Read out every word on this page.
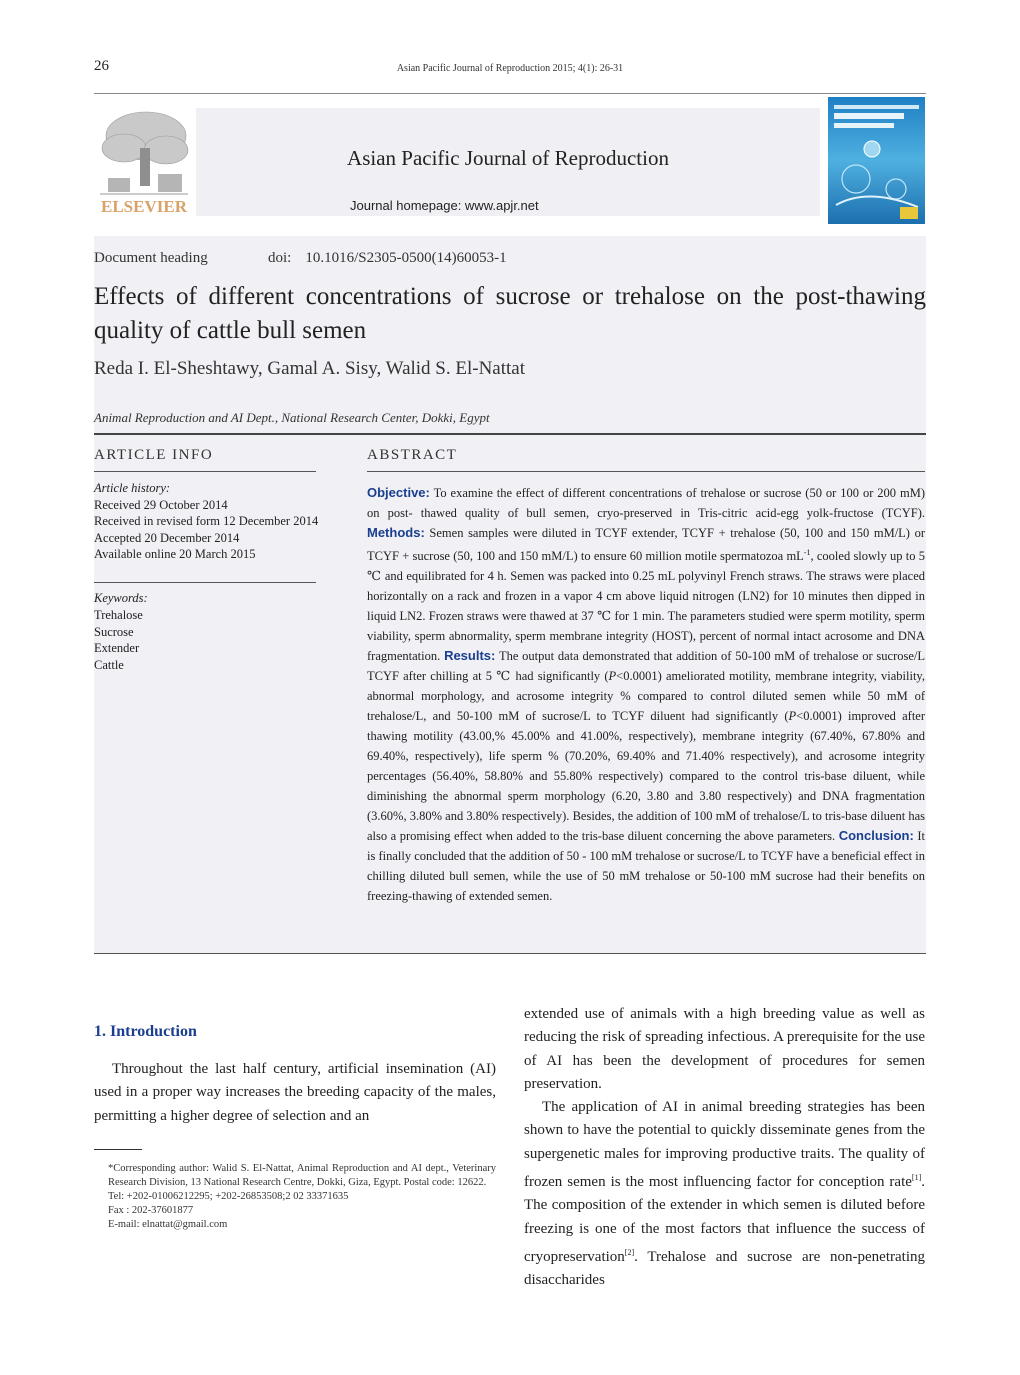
26	Asian Pacific Journal of Reproduction 2015; 4(1): 26-31
ELSEVIER
Asian Pacific Journal of Reproduction
Journal homepage: www.apjr.net
Document heading	doi: 10.1016/S2305-0500(14)60053-1
Effects of different concentrations of sucrose or trehalose on the post-thawing quality of cattle bull semen
Reda I. El-Sheshtawy, Gamal A. Sisy, Walid S. El-Nattat
Animal Reproduction and AI Dept., National Research Center, Dokki, Egypt
ARTICLE INFO
Article history:
Received 29 October 2014
Received in revised form 12 December 2014
Accepted 20 December 2014
Available online 20 March 2015
Keywords:
Trehalose
Sucrose
Extender
Cattle
ABSTRACT
Objective: To examine the effect of different concentrations of trehalose or sucrose (50 or 100 or 200 mM) on post- thawed quality of bull semen, cryo-preserved in Tris-citric acid-egg yolk-fructose (TCYF). Methods: Semen samples were diluted in TCYF extender, TCYF + trehalose (50, 100 and 150 mM/L) or TCYF + sucrose (50, 100 and 150 mM/L) to ensure 60 million motile spermatozoa $mL^{-1}$, cooled slowly up to 5 ℃ and equilibrated for 4 h. Semen was packed into 0.25 mL polyvinyl French straws. The straws were placed horizontally on a rack and frozen in a vapor 4 cm above liquid nitrogen (LN2) for 10 minutes then dipped in liquid LN2. Frozen straws were thawed at 37 ℃ for 1 min. The parameters studied were sperm motility, sperm viability, sperm abnormality, sperm membrane integrity (HOST), percent of normal intact acrosome and DNA fragmentation. Results: The output data demonstrated that addition of 50-100 mM of trehalose or sucrose/L TCYF after chilling at 5 ℃ had significantly (P<0.0001) ameliorated motility, membrane integrity, viability, abnormal morphology, and acrosome integrity % compared to control diluted semen while 50 mM of trehalose/L, and 50-100 mM of sucrose/L to TCYF diluent had significantly (P<0.0001) improved after thawing motility (43.00,% 45.00% and 41.00%, respectively), membrane integrity (67.40%, 67.80% and 69.40%, respectively), life sperm % (70.20%, 69.40% and 71.40% respectively), and acrosome integrity percentages (56.40%, 58.80% and 55.80% respectively) compared to the control tris-base diluent, while diminishing the abnormal sperm morphology (6.20, 3.80 and 3.80 respectively) and DNA fragmentation (3.60%, 3.80% and 3.80% respectively). Besides, the addition of 100 mM of trehalose/L to tris-base diluent has also a promising effect when added to the tris-base diluent concerning the above parameters. Conclusion: It is finally concluded that the addition of 50 - 100 mM trehalose or sucrose/L to TCYF have a beneficial effect in chilling diluted bull semen, while the use of 50 mM trehalose or 50-100 mM sucrose had their benefits on freezing-thawing of extended semen.
1. Introduction

Throughout the last half century, artificial insemination (AI) used in a proper way increases the breeding capacity of the males, permitting a higher degree of selection and an

extended use of animals with a high breeding value as well as reducing the risk of spreading infectious. A prerequisite for the use of AI has been the development of procedures for semen preservation.

The application of AI in animal breeding strategies has been shown to have the potential to quickly disseminate genes from the supergenetic males for improving productive traits. The quality of frozen semen is the most influencing factor for conception rate[1]. The composition of the extender in which semen is diluted before freezing is one of the most factors that influence the success of cryopreservation[2]. Trehalose and sucrose are non-penetrating disaccharides

*Corresponding author: Walid S. El-Nattat, Animal Reproduction and AI dept., Veterinary Research Division, 13 National Research Centre, Dokki, Giza, Egypt. Postal code: 12622.
Tel: +202-01006212295; +202-26853508;2 02 33371635
Fax : 202-37601877
E-mail: elnattat@gmail.com
